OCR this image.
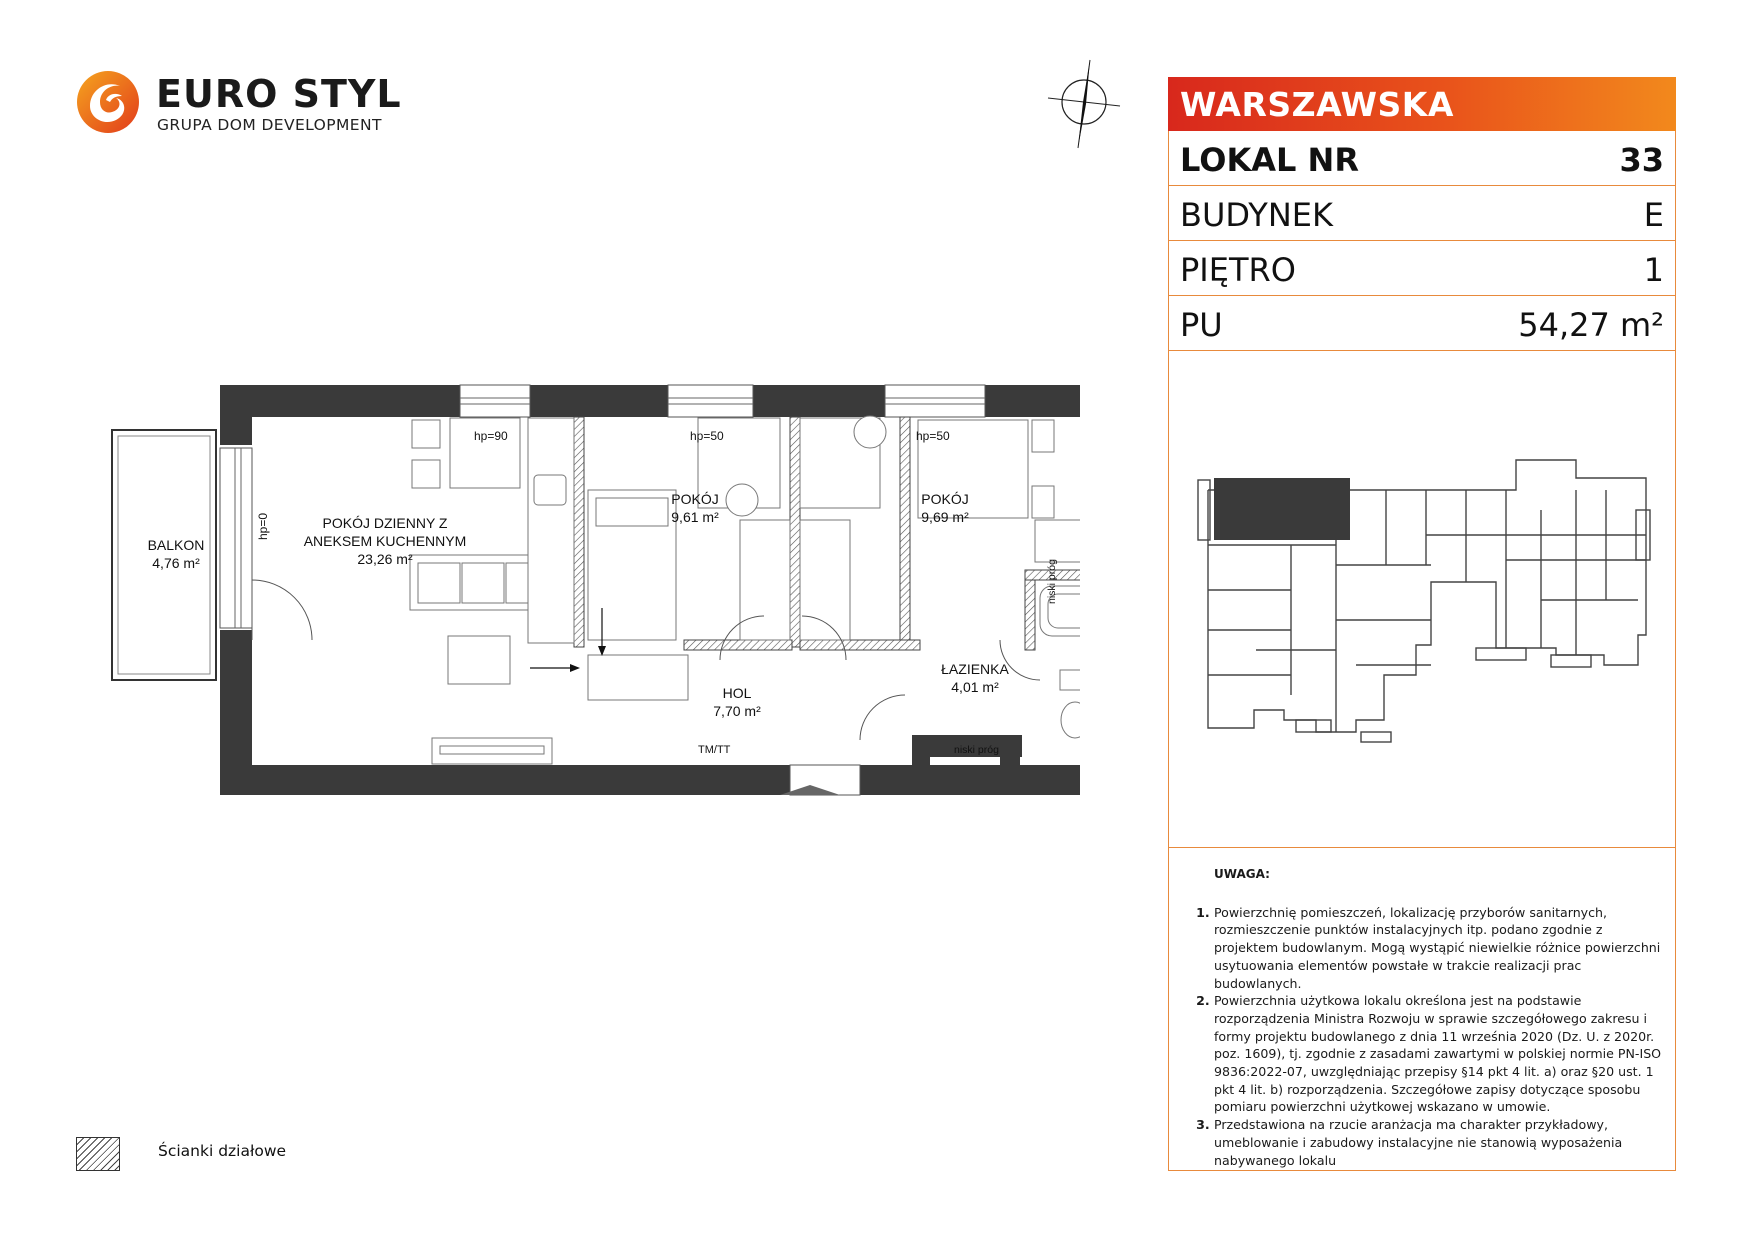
EURO STYL
GRUPA DOM DEVELOPMENT
BALKON
4,76 m²
POKÓJ DZIENNY Z
ANEKSEM KUCHENNYM
23,26 m²
POKÓJ
9,61 m²
POKÓJ
9,69 m²
HOL
7,70 m²
ŁAZIENKA
4,01 m²
hp=0
hp=90	hp=50	hp=50
TM/TT	niski próg
niski próg
WARSZAWSKA
LOKAL NR	33
BUDYNEK	E
PIĘTRO	1
PU	54,27 m²
UWAGA:
1. Powierzchnię pomieszczeń, lokalizację przyborów sanitarnych, rozmieszczenie punktów instalacyjnych itp. podano zgodnie z projektem budowlanym. Mogą wystąpić niewielkie różnice powierzchni usytuowania elementów powstałe w trakcie realizacji prac budowlanych.
2. Powierzchnia użytkowa lokalu określona jest na podstawie rozporządzenia Ministra Rozwoju w sprawie szczegółowego zakresu i formy projektu budowlanego z dnia 11 września 2020 (Dz. U. z 2020r. poz. 1609), tj. zgodnie z zasadami zawartymi w polskiej normie PN-ISO 9836:2022-07, uwzględniając przepisy §14 pkt 4 lit. a) oraz §20 ust. 1 pkt 4 lit. b) rozporządzenia. Szczegółowe zapisy dotyczące sposobu pomiaru powierzchni użytkowej wskazano w umowie.
3. Przedstawiona na rzucie aranżacja ma charakter przykładowy, umeblowanie i zabudowy instalacyjne nie stanowią wyposażenia nabywanego lokalu
Ścianki działowe
